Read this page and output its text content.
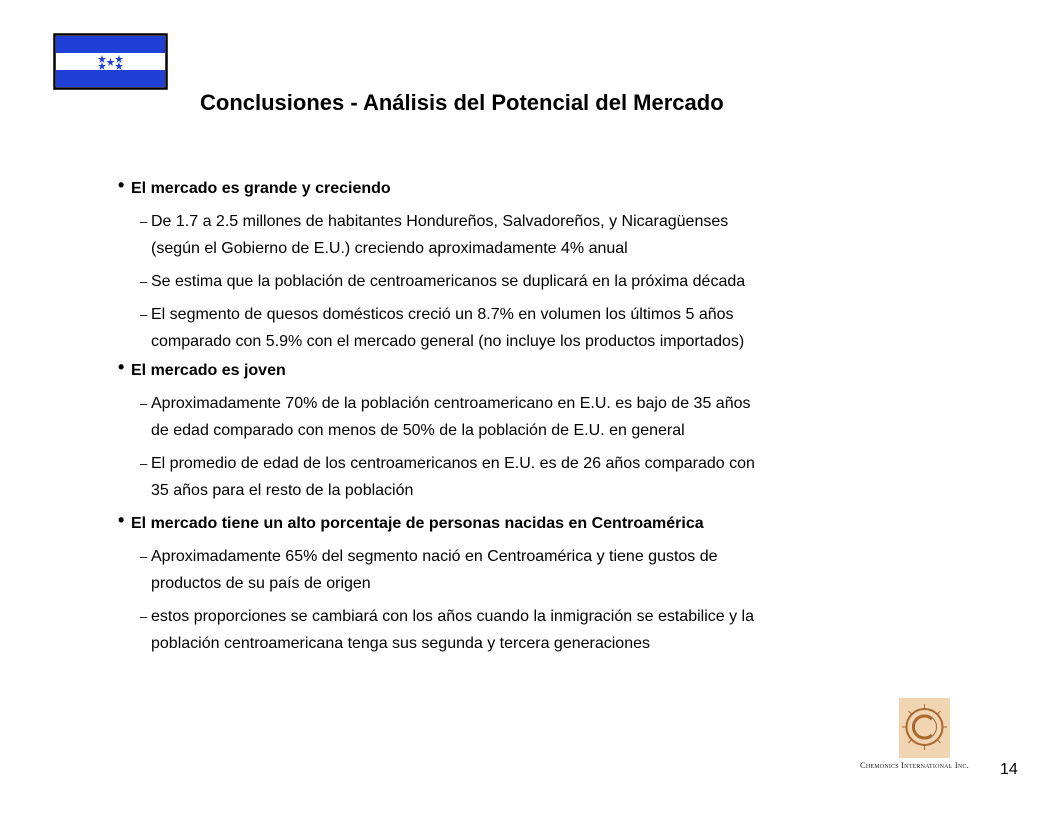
Conclusiones - Análisis del Potencial del Mercado
• El mercado es grande y creciendo
– De 1.7 a 2.5 millones de habitantes Hondureños, Salvadoreños, y Nicaragüenses
(según el Gobierno de E.U.) creciendo aproximadamente 4% anual
– Se estima que la población de centroamericanos se duplicará en la próxima década
– El segmento de quesos domésticos creció un 8.7% en volumen los últimos 5 años
comparado con 5.9% con el mercado general (no incluye los productos importados)
• El mercado es joven
– Aproximadamente 70% de la población centroamericano en E.U. es bajo de 35 años
de edad comparado con menos de 50% de la población de E.U. en general
– El promedio de edad de los centroamericanos en E.U. es de 26 años comparado con
35 años para el resto de la población
• El mercado tiene un alto porcentaje de personas nacidas en Centroamérica
– Aproximadamente 65% del segmento nació en Centroamérica y tiene gustos de
productos de su país de origen
– estos proporciones se cambiará con los años cuando la inmigración se estabilice y la
población centroamericana tenga sus segunda y tercera generaciones
Chemonics International Inc. 14
